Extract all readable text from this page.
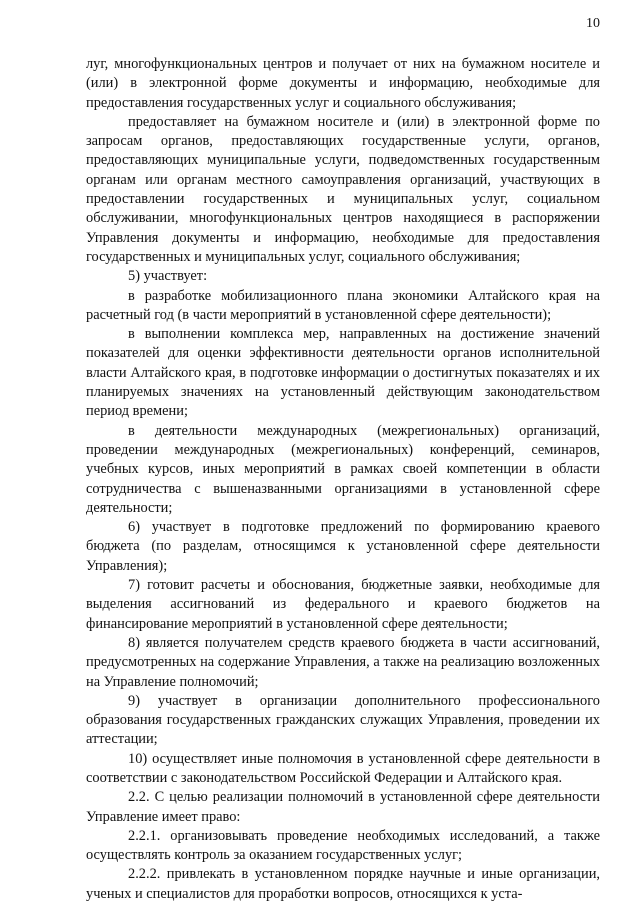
10

луг, многофункциональных центров и получает от них на бумажном носителе и (или) в электронной форме документы и информацию, необходимые для предоставления государственных услуг и социального обслуживания;

предоставляет на бумажном носителе и (или) в электронной форме по запросам органов, предоставляющих государственные услуги, органов, предоставляющих муниципальные услуги, подведомственных государственным органам или органам местного самоуправления организаций, участвующих в предоставлении государственных и муниципальных услуг, социальном обслуживании, многофункциональных центров находящиеся в распоряжении Управления документы и информацию, необходимые для предоставления государственных и муниципальных услуг, социального обслуживания;

5) участвует:

в разработке мобилизационного плана экономики Алтайского края на расчетный год (в части мероприятий в установленной сфере деятельности);

в выполнении комплекса мер, направленных на достижение значений показателей для оценки эффективности деятельности органов исполнительной власти Алтайского края, в подготовке информации о достигнутых показателях и их планируемых значениях на установленный действующим законодательством период времени;

в деятельности международных (межрегиональных) организаций, проведении международных (межрегиональных) конференций, семинаров, учебных курсов, иных мероприятий в рамках своей компетенции в области сотрудничества с вышеназванными организациями в установленной сфере деятельности;

6) участвует в подготовке предложений по формированию краевого бюджета (по разделам, относящимся к установленной сфере деятельности Управления);

7) готовит расчеты и обоснования, бюджетные заявки, необходимые для выделения ассигнований из федерального и краевого бюджетов на финансирование мероприятий в установленной сфере деятельности;

8) является получателем средств краевого бюджета в части ассигнований, предусмотренных на содержание Управления, а также на реализацию возложенных на Управление полномочий;

9) участвует в организации дополнительного профессионального образования государственных гражданских служащих Управления, проведении их аттестации;

10) осуществляет иные полномочия в установленной сфере деятельности в соответствии с законодательством Российской Федерации и Алтайского края.

2.2. С целью реализации полномочий в установленной сфере деятельности Управление имеет право:

2.2.1. организовывать проведение необходимых исследований, а также осуществлять контроль за оказанием государственных услуг;

2.2.2. привлекать в установленном порядке научные и иные организации, ученых и специалистов для проработки вопросов, относящихся к уста-
